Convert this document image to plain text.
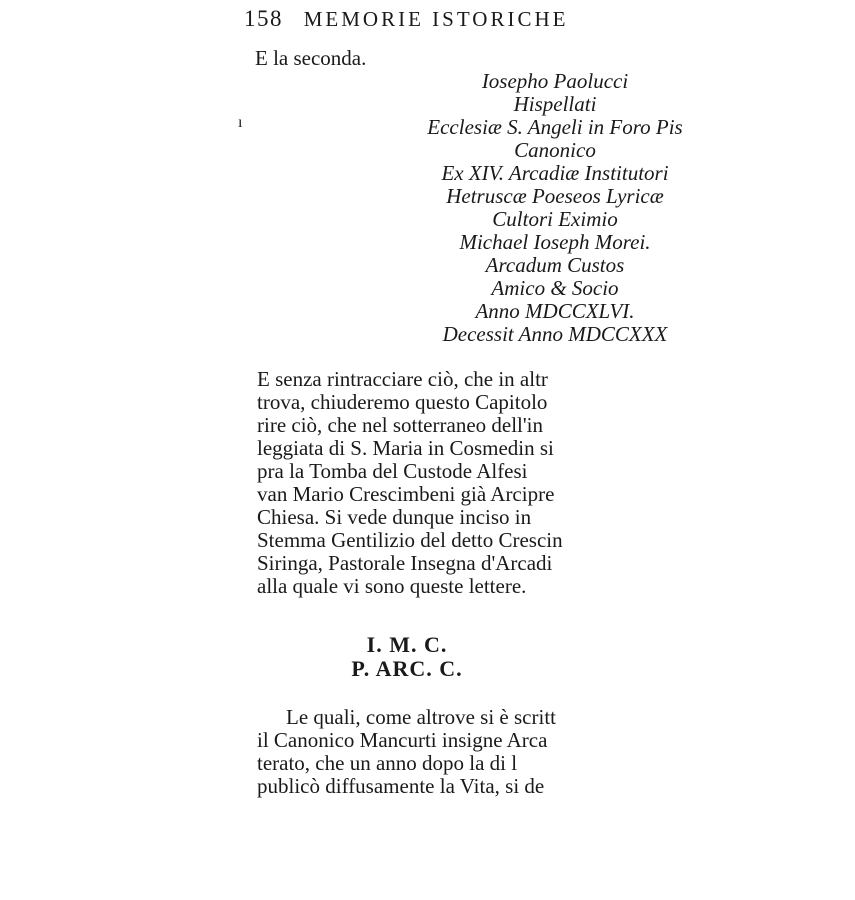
158 MEMORIE ISTORICHE
E la seconda.
ı
Iosepho Paolucci
Hispellati
Ecclesiæ S. Angeli in Foro Pis
Canonico
Ex XIV. Arcadiæ Institutori
Hetruscæ Poeseos Lyricæ
Cultori Eximio
Michael Ioseph Morei.
Arcadum Custos
Amico & Socio
Anno MDCCXLVI.
Decessit Anno MDCCXXX
E senza rintracciare ciò, che in altr
trova, chiuderemo questo Capitolo
rire ciò, che nel sotterraneo dell'in
leggiata di S. Maria in Cosmedin si
pra la Tomba del Custode Alfesi
van Mario Crescimbeni già Arcipre
Chiesa. Si vede dunque inciso in
Stemma Gentilizio del detto Crescin
Siringa, Pastorale Insegna d'Arcadi
alla quale vi sono queste lettere.
I. M. C.
P. ARC. C.
Le quali, come altrove si è scritt
il Canonico Mancurti insigne Arca
terato, che un anno dopo la di l
publicò diffusamente la Vita, si de
